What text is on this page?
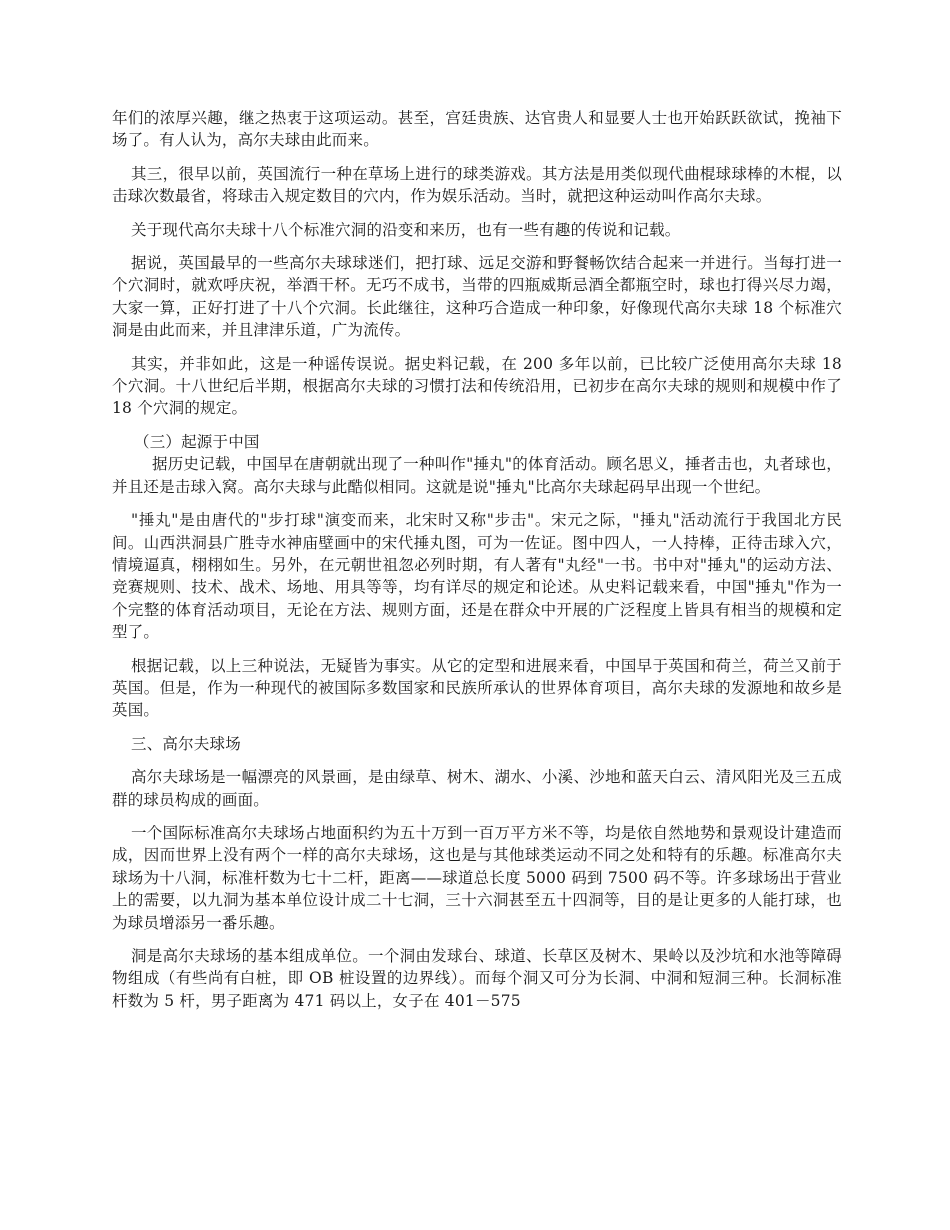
年们的浓厚兴趣，继之热衷于这项运动。甚至，宫廷贵族、达官贵人和显要人士也开始跃跃欲试，挽袖下场了。有人认为，高尔夫球由此而来。

其三，很早以前，英国流行一种在草场上进行的球类游戏。其方法是用类似现代曲棍球球棒的木棍，以击球次数最省，将球击入规定数目的穴内，作为娱乐活动。当时，就把这种运动叫作高尔夫球。

关于现代高尔夫球十八个标准穴洞的沿变和来历，也有一些有趣的传说和记载。

据说，英国最早的一些高尔夫球球迷们，把打球、远足交游和野餐畅饮结合起来一并进行。当每打进一个穴洞时，就欢呼庆祝，举酒干杯。无巧不成书，当带的四瓶威斯忌酒全都瓶空时，球也打得兴尽力竭，大家一算，正好打进了十八个穴洞。长此继往，这种巧合造成一种印象，好像现代高尔夫球 18 个标准穴洞是由此而来，并且津津乐道，广为流传。

其实，并非如此，这是一种谣传误说。据史料记载，在 200 多年以前，已比较广泛使用高尔夫球 18 个穴洞。十八世纪后半期，根据高尔夫球的习惯打法和传统沿用，已初步在高尔夫球的规则和规模中作了 18 个穴洞的规定。

（三）起源于中国

据历史记载，中国早在唐朝就出现了一种叫作"捶丸"的体育活动。顾名思义，捶者击也，丸者球也，并且还是击球入窝。高尔夫球与此酷似相同。这就是说"捶丸"比高尔夫球起码早出现一个世纪。

"捶丸"是由唐代的"步打球"演变而来，北宋时又称"步击"。宋元之际，"捶丸"活动流行于我国北方民间。山西洪洞县广胜寺水神庙壁画中的宋代捶丸图，可为一佐证。图中四人，一人持棒，正待击球入穴，情境逼真，栩栩如生。另外，在元朝世祖忽必列时期，有人著有"丸经"一书。书中对"捶丸"的运动方法、竞赛规则、技术、战术、场地、用具等等，均有详尽的规定和论述。从史料记载来看，中国"捶丸"作为一个完整的体育活动项目，无论在方法、规则方面，还是在群众中开展的广泛程度上皆具有相当的规模和定型了。

根据记载，以上三种说法，无疑皆为事实。从它的定型和进展来看，中国早于英国和荷兰，荷兰又前于英国。但是，作为一种现代的被国际多数国家和民族所承认的世界体育项目，高尔夫球的发源地和故乡是英国。

三、高尔夫球场

高尔夫球场是一幅漂亮的风景画，是由绿草、树木、湖水、小溪、沙地和蓝天白云、清风阳光及三五成群的球员构成的画面。

一个国际标准高尔夫球场占地面积约为五十万到一百万平方米不等，均是依自然地势和景观设计建造而成，因而世界上没有两个一样的高尔夫球场，这也是与其他球类运动不同之处和特有的乐趣。标准高尔夫球场为十八洞，标准杆数为七十二杆，距离——球道总长度 5000 码到 7500 码不等。许多球场出于营业上的需要，以九洞为基本单位设计成二十七洞，三十六洞甚至五十四洞等，目的是让更多的人能打球，也为球员增添另一番乐趣。

洞是高尔夫球场的基本组成单位。一个洞由发球台、球道、长草区及树木、果岭以及沙坑和水池等障碍物组成（有些尚有白桩，即 OB 桩设置的边界线）。而每个洞又可分为长洞、中洞和短洞三种。长洞标准杆数为 5 杆，男子距离为 471 码以上，女子在 401－575
